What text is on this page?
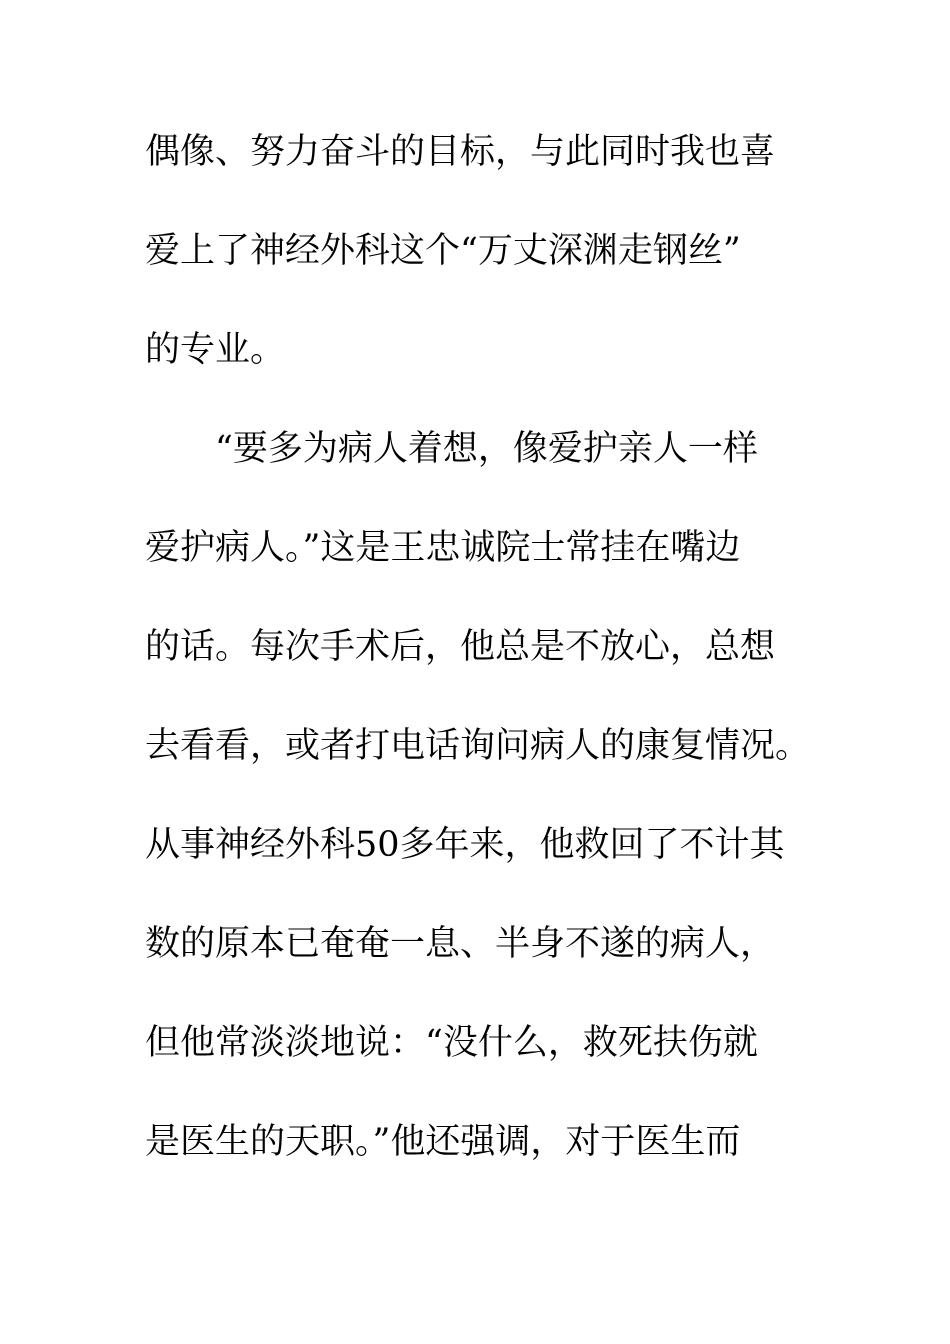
偶像、努力奋斗的目标，与此同时我也喜
爱上了神经外科这个“万丈深渊走钢丝”
的专业。
　　“要多为病人着想，像爱护亲人一样
爱护病人。”这是王忠诚院士常挂在嘴边
的话。每次手术后，他总是不放心，总想
去看看，或者打电话询问病人的康复情况。
从事神经外科50多年来，他救回了不计其
数的原本已奄奄一息、半身不遂的病人，
但他常淡淡地说：“没什么，救死扶伤就
是医生的天职。”他还强调，对于医生而
